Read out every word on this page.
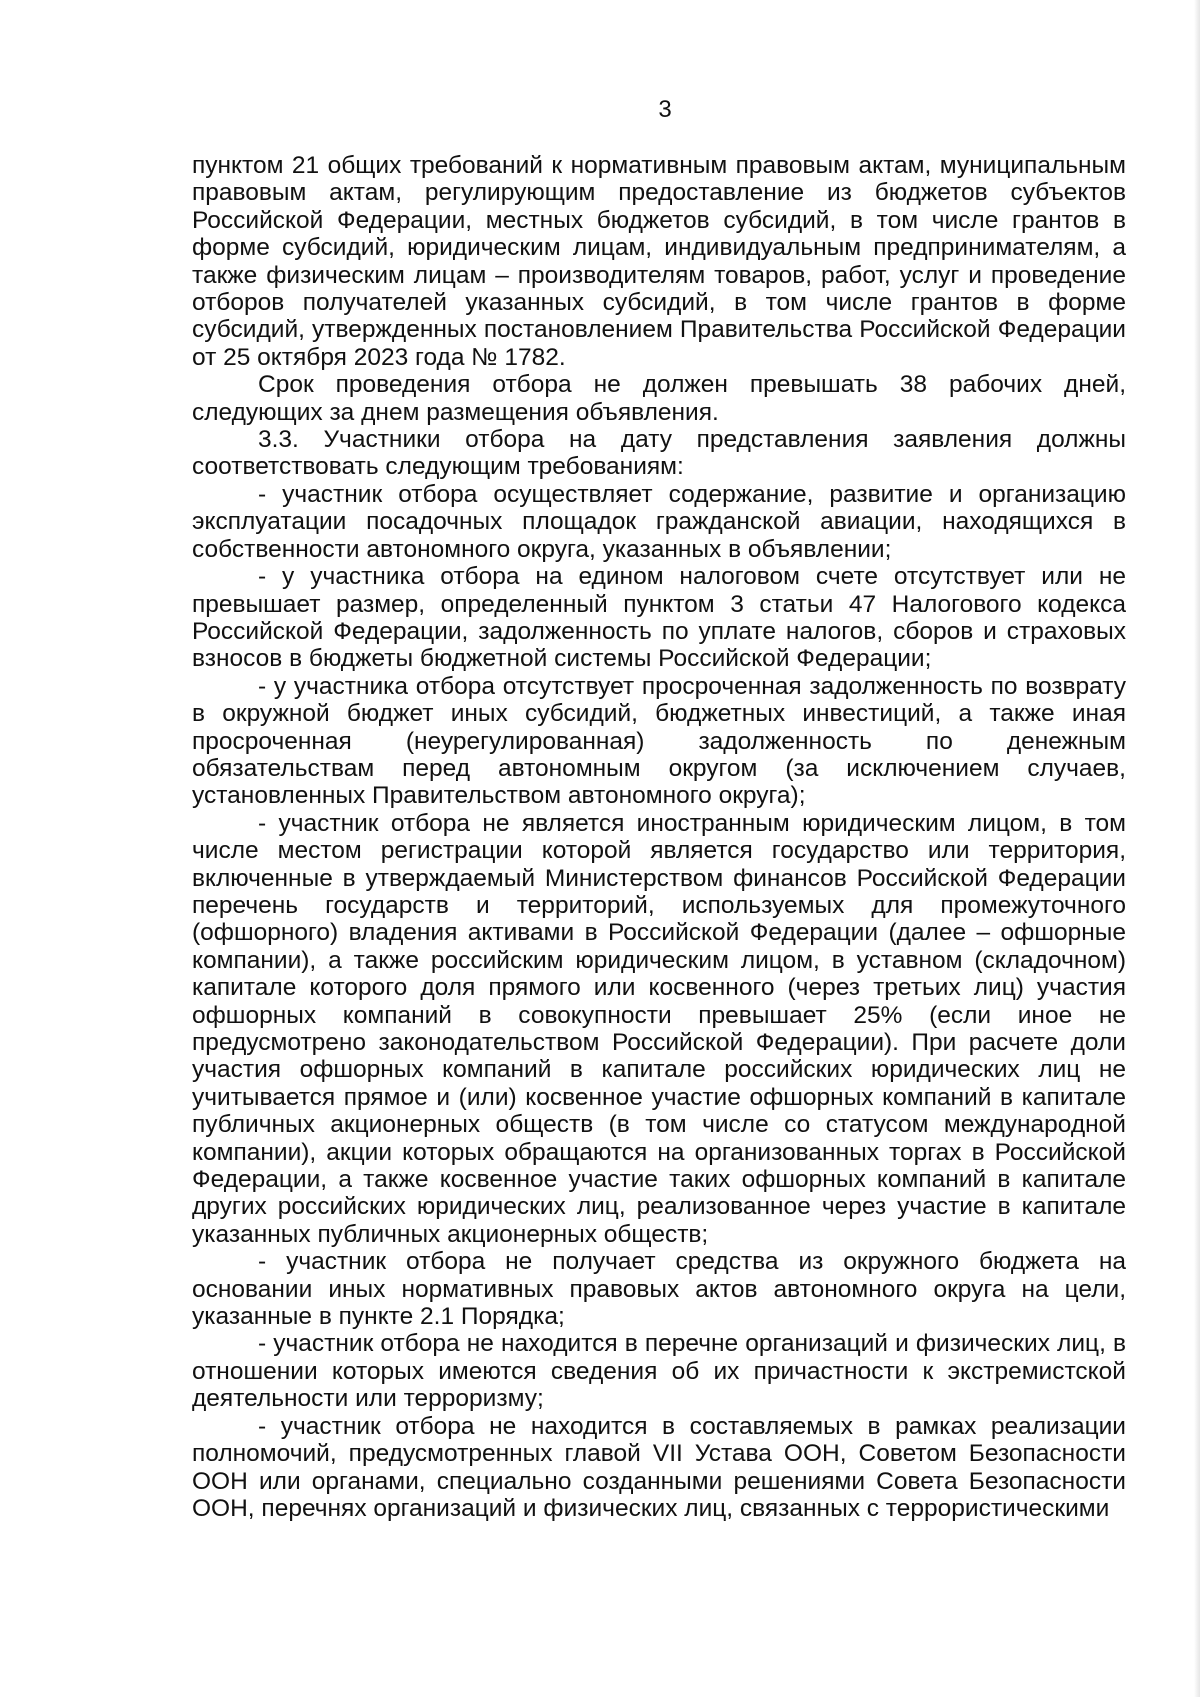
3

пунктом 21 общих требований к нормативным правовым актам, муниципальным правовым актам, регулирующим предоставление из бюджетов субъектов Российской Федерации, местных бюджетов субсидий, в том числе грантов в форме субсидий, юридическим лицам, индивидуальным предпринимателям, а также физическим лицам – производителям товаров, работ, услуг и проведение отборов получателей указанных субсидий, в том числе грантов в форме субсидий, утвержденных постановлением Правительства Российской Федерации от 25 октября 2023 года № 1782.

Срок проведения отбора не должен превышать 38 рабочих дней, следующих за днем размещения объявления.

3.3. Участники отбора на дату представления заявления должны соответствовать следующим требованиям:

- участник отбора осуществляет содержание, развитие и организацию эксплуатации посадочных площадок гражданской авиации, находящихся в собственности автономного округа, указанных в объявлении;

- у участника отбора на едином налоговом счете отсутствует или не превышает размер, определенный пунктом 3 статьи 47 Налогового кодекса Российской Федерации, задолженность по уплате налогов, сборов и страховых взносов в бюджеты бюджетной системы Российской Федерации;

- у участника отбора отсутствует просроченная задолженность по возврату в окружной бюджет иных субсидий, бюджетных инвестиций, а также иная просроченная (неурегулированная) задолженность по денежным обязательствам перед автономным округом (за исключением случаев, установленных Правительством автономного округа);

- участник отбора не является иностранным юридическим лицом, в том числе местом регистрации которой является государство или территория, включенные в утверждаемый Министерством финансов Российской Федерации перечень государств и территорий, используемых для промежуточного (офшорного) владения активами в Российской Федерации (далее – офшорные компании), а также российским юридическим лицом, в уставном (складочном) капитале которого доля прямого или косвенного (через третьих лиц) участия офшорных компаний в совокупности превышает 25% (если иное не предусмотрено законодательством Российской Федерации). При расчете доли участия офшорных компаний в капитале российских юридических лиц не учитывается прямое и (или) косвенное участие офшорных компаний в капитале публичных акционерных обществ (в том числе со статусом международной компании), акции которых обращаются на организованных торгах в Российской Федерации, а также косвенное участие таких офшорных компаний в капитале других российских юридических лиц, реализованное через участие в капитале указанных публичных акционерных обществ;

- участник отбора не получает средства из окружного бюджета на основании иных нормативных правовых актов автономного округа на цели, указанные в пункте 2.1 Порядка;

- участник отбора не находится в перечне организаций и физических лиц, в отношении которых имеются сведения об их причастности к экстремистской деятельности или терроризму;

- участник отбора не находится в составляемых в рамках реализации полномочий, предусмотренных главой VII Устава ООН, Советом Безопасности ООН или органами, специально созданными решениями Совета Безопасности ООН, перечнях организаций и физических лиц, связанных с террористическими
